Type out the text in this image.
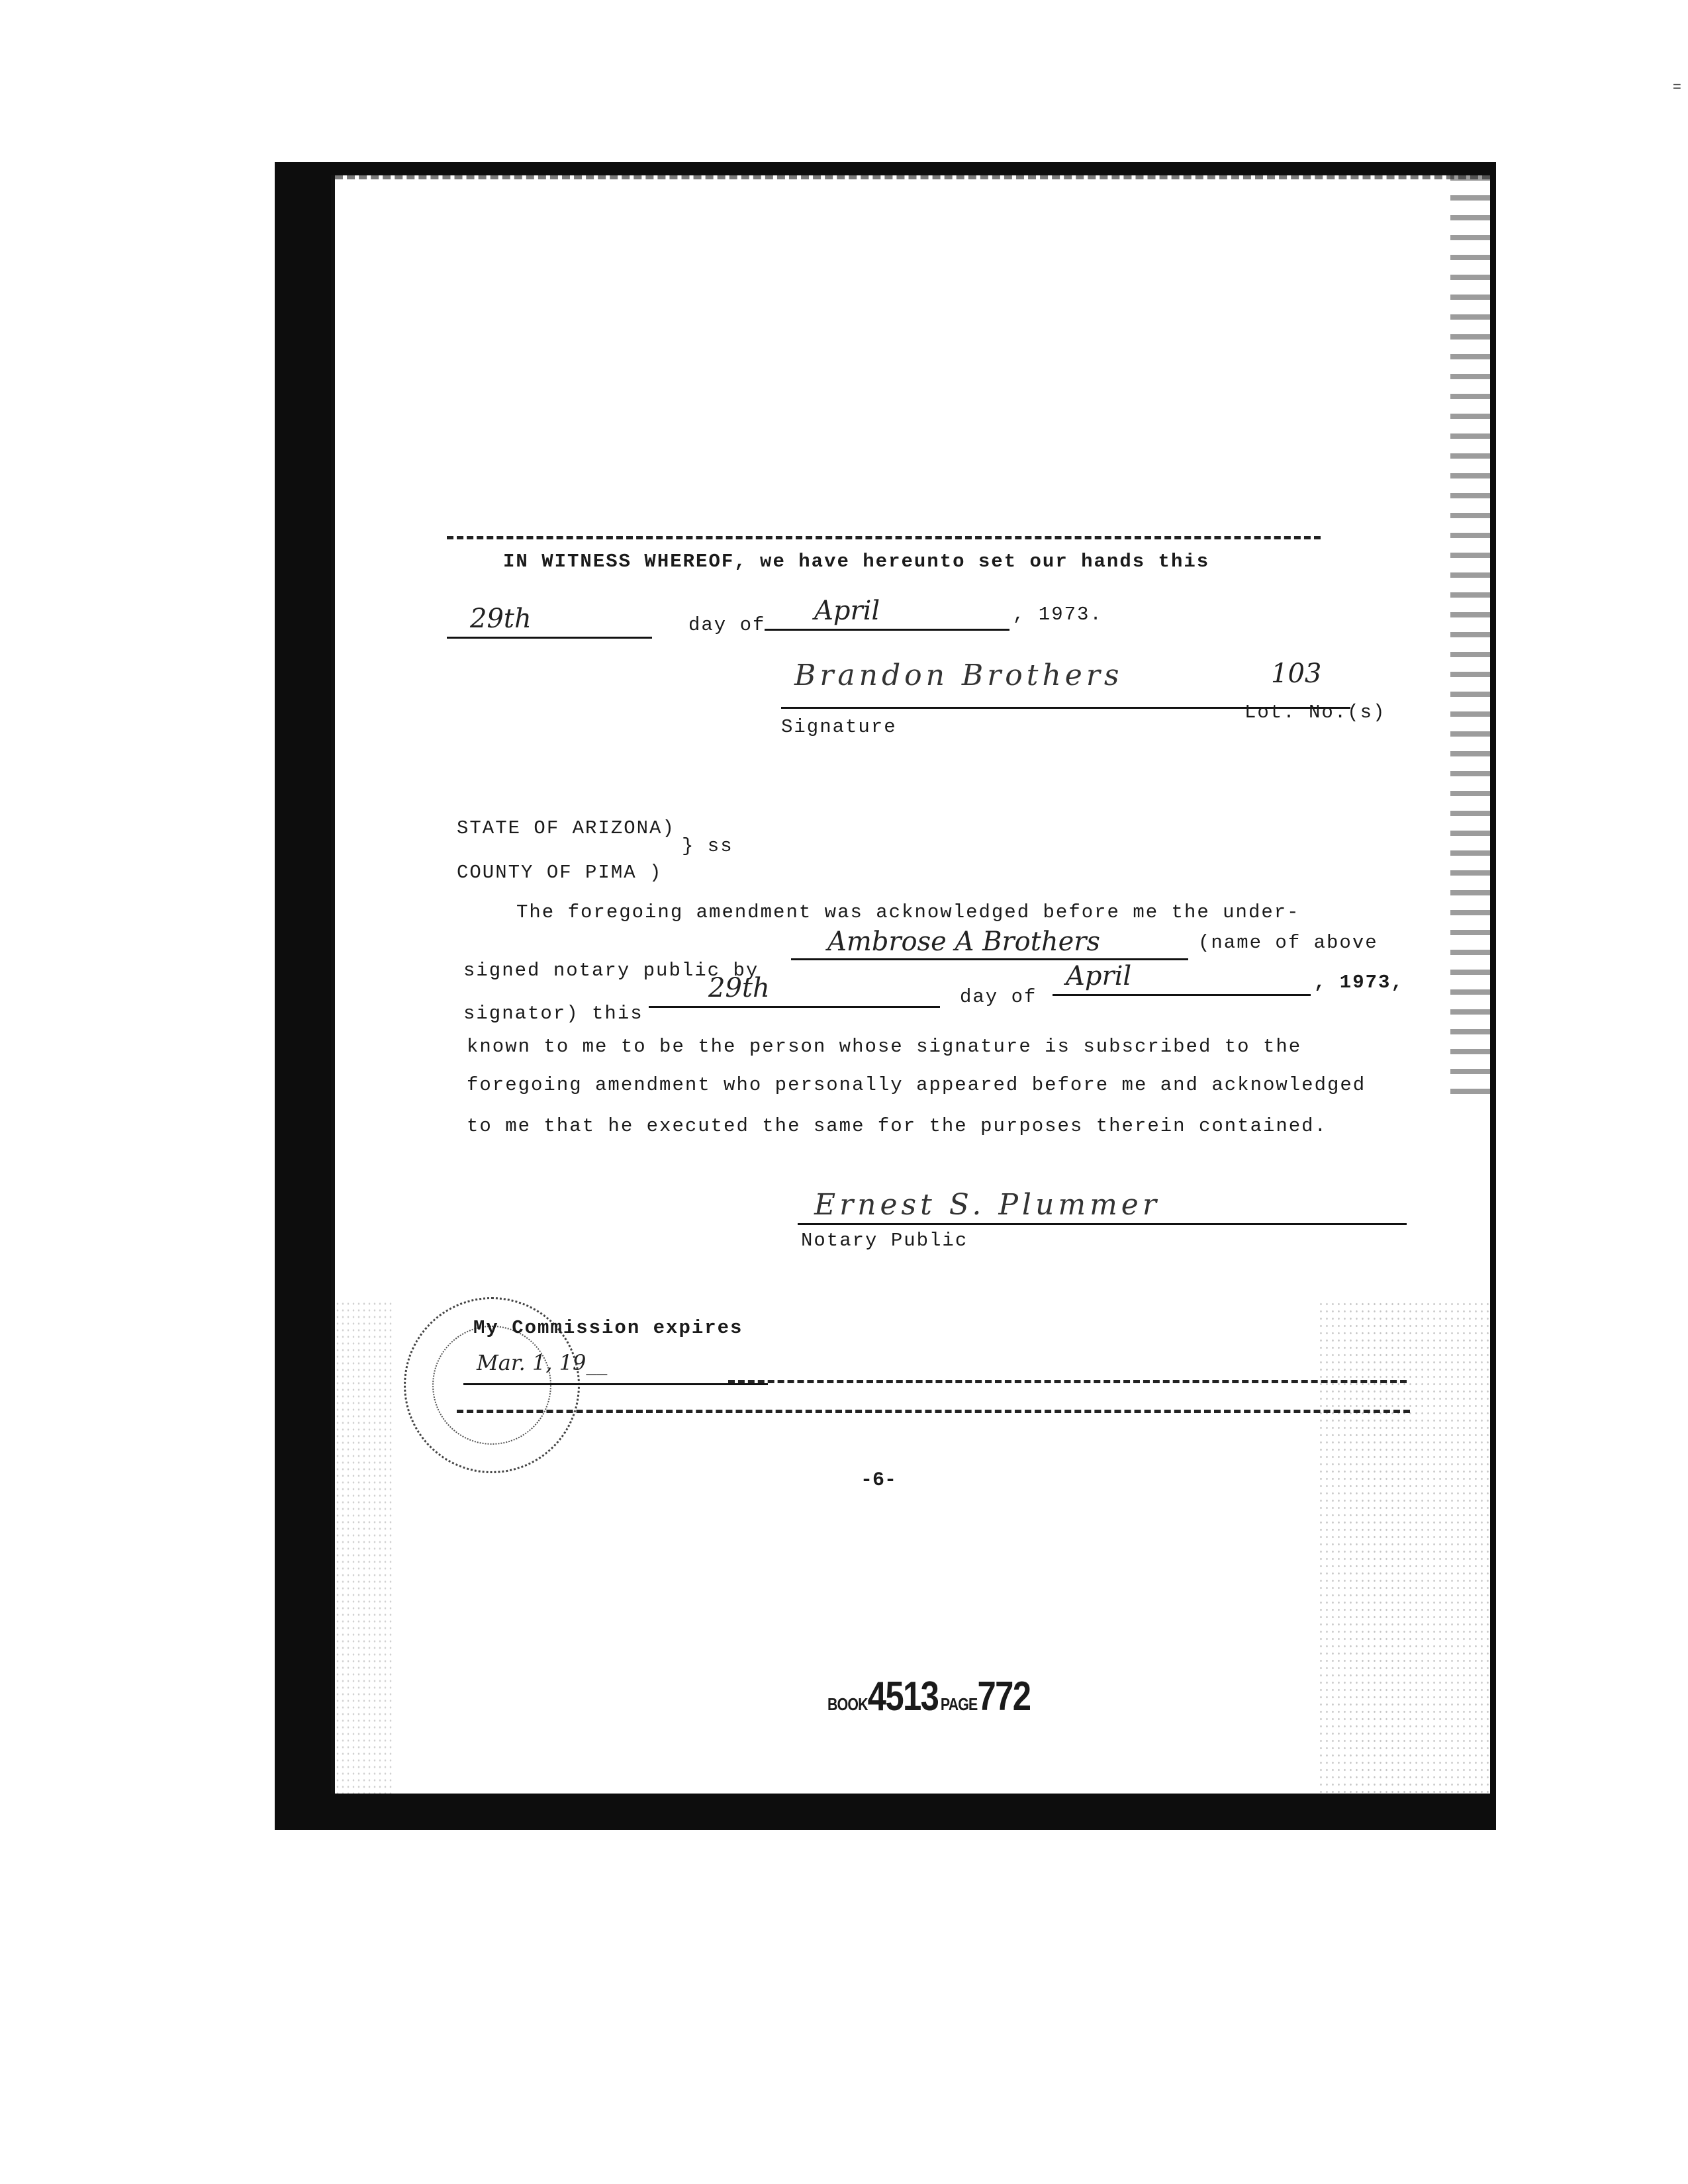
=
IN WITNESS WHEREOF, we have hereunto set our hands this
29th	day of April	, 1973.
Brandon Brothers	103
Signature
Lot. No.(s)
STATE OF ARIZONA)
} ss
COUNTY OF PIMA )
The foregoing amendment was acknowledged before me the under-
signed notary public by
Ambrose A Brothers	(name of above
signator) this
29th	day of
April	, 1973,
known to me to be the person whose signature is subscribed to the
foregoing amendment who personally appeared before me and acknowledged
to me that he executed the same for the purposes therein contained.
Ernest S. Plummer
Notary Public
My Commission expires
Mar. 1, 19__
-6-
BOOK4513 PAGE772
